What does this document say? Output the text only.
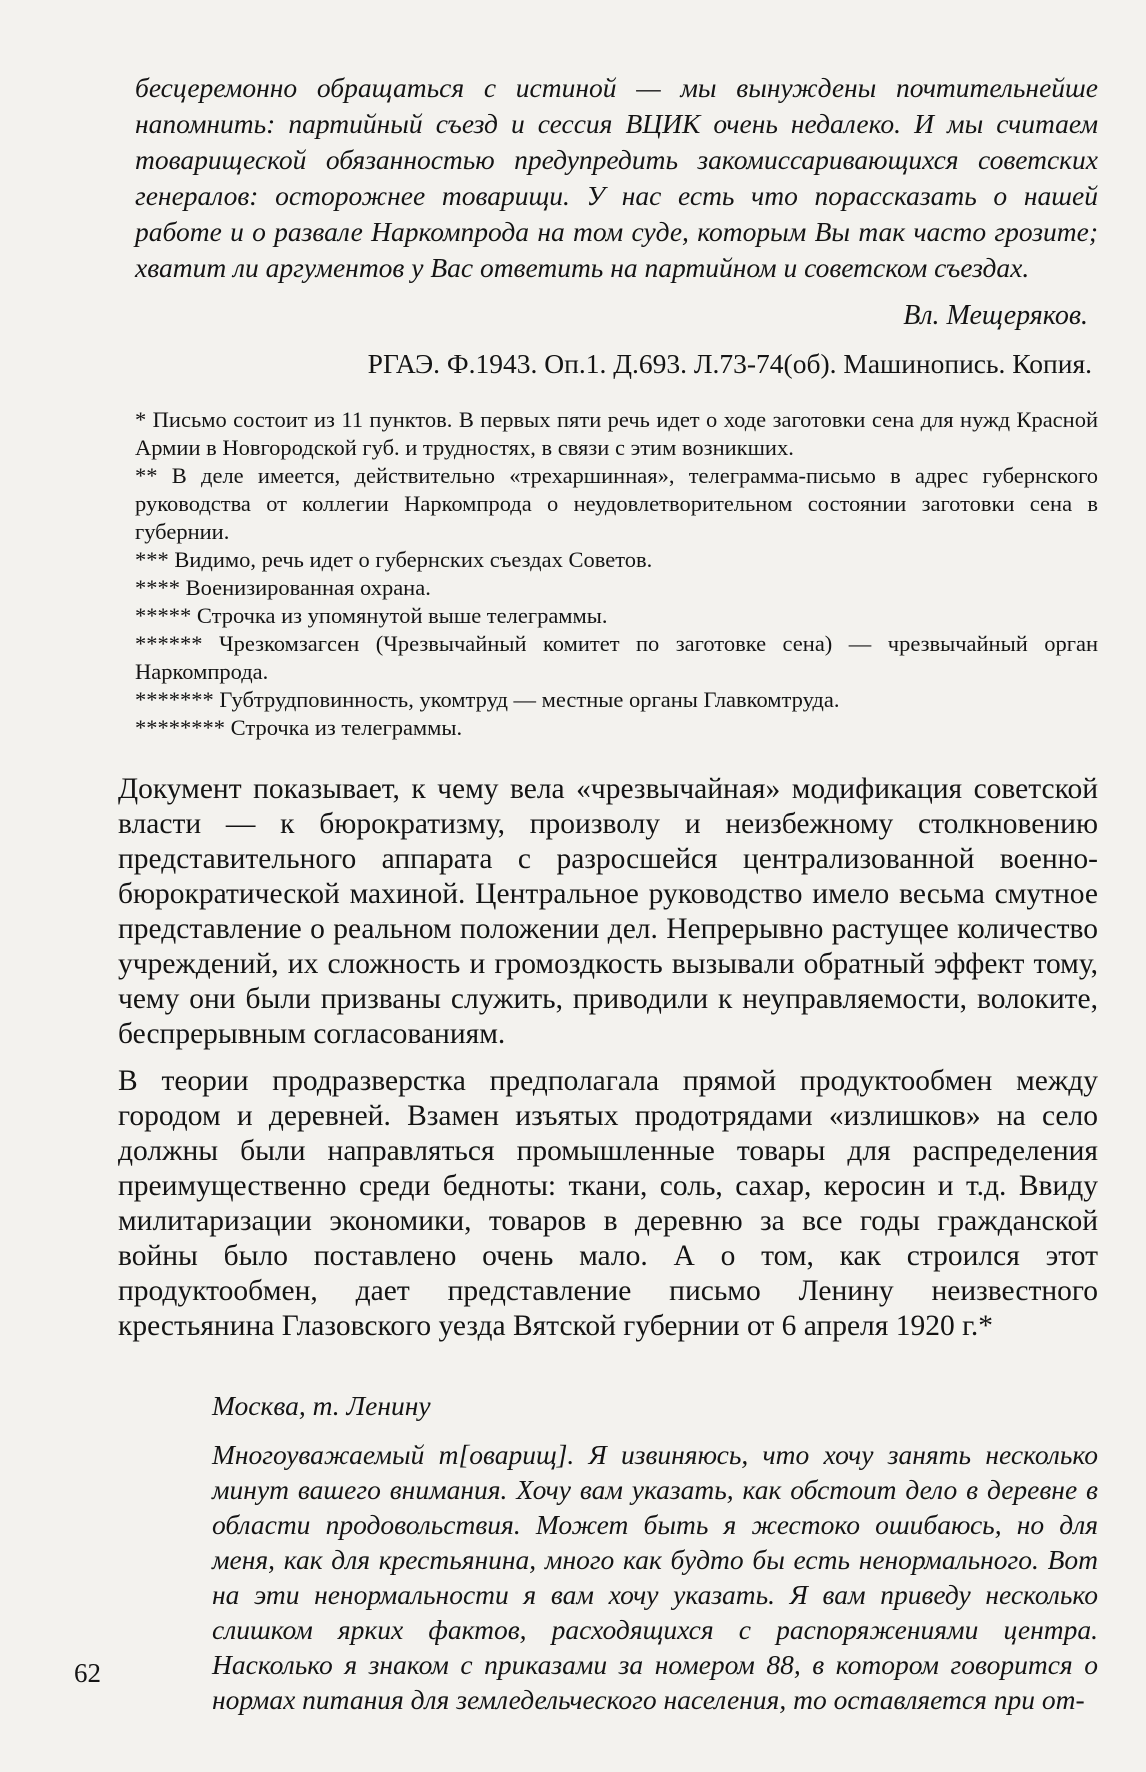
бесцеремонно обращаться с истиной — мы вынуждены почтительнейше напомнить: партийный съезд и сессия ВЦИК очень недалеко. И мы считаем товарищеской обязанностью предупредить закомиссаривающихся советских генералов: осторожнее товарищи. У нас есть что порассказать о нашей работе и о развале Наркомпрода на том суде, которым Вы так часто грозите; хватит ли аргументов у Вас ответить на партийном и советском съездах.

Вл. Мещеряков.
РГАЭ. Ф.1943. Оп.1. Д.693. Л.73-74(об). Машинопись. Копия.

* Письмо состоит из 11 пунктов. В первых пяти речь идет о ходе заготовки сена для нужд Красной Армии в Новгородской губ. и трудностях, в связи с этим возникших.

** В деле имеется, действительно «трехаршинная», телеграмма-письмо в адрес губернского руководства от коллегии Наркомпрода о неудовлетворительном состоянии заготовки сена в губернии.

*** Видимо, речь идет о губернских съездах Советов.

**** Военизированная охрана.

***** Строчка из упомянутой выше телеграммы.

****** Чрезкомзагсен (Чрезвычайный комитет по заготовке сена) — чрезвычайный орган Наркомпрода.

******* Губтрудповинность, укомтруд — местные органы Главкомтруда.

******** Строчка из телеграммы.

Документ показывает, к чему вела «чрезвычайная» модификация советской власти — к бюрократизму, произволу и неизбежному столкновению представительного аппарата с разросшейся централизованной военно-бюрократической махиной. Центральное руководство имело весьма смутное представление о реальном положении дел. Непрерывно растущее количество учреждений, их сложность и громоздкость вызывали обратный эффект тому, чему они были призваны служить, приводили к неуправляемости, волоките, беспрерывным согласованиям.

В теории продразверстка предполагала прямой продуктообмен между городом и деревней. Взамен изъятых продотрядами «излишков» на село должны были направляться промышленные товары для распределения преимущественно среди бедноты: ткани, соль, сахар, керосин и т.д. Ввиду милитаризации экономики, товаров в деревню за все годы гражданской войны было поставлено очень мало. А о том, как строился этот продуктообмен, дает представление письмо Ленину неизвестного крестьянина Глазовского уезда Вятской губернии от 6 апреля 1920 г.*

Москва, т. Ленину

Многоуважаемый т[оварищ]. Я извиняюсь, что хочу занять несколько минут вашего внимания. Хочу вам указать, как обстоит дело в деревне в области продовольствия. Может быть я жестоко ошибаюсь, но для меня, как для крестьянина, много как будто бы есть ненормального. Вот на эти ненормальности я вам хочу указать. Я вам приведу несколько слишком ярких фактов, расходящихся с распоряжениями центра. Насколько я знаком с приказами за номером 88, в котором говорится о нормах питания для земледельческого населения, то оставляется при от-

62
